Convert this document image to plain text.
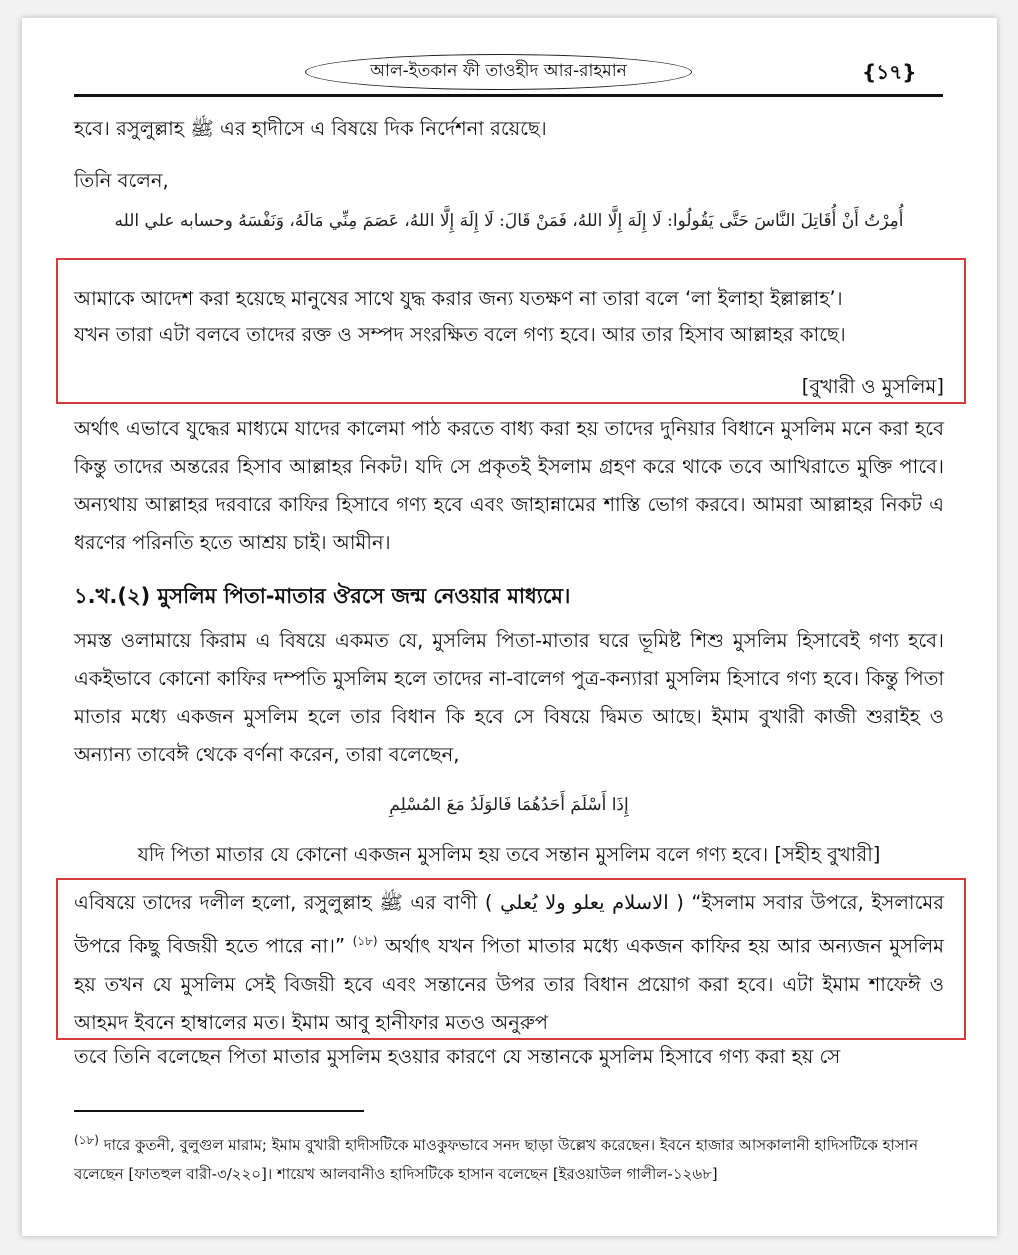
আল-ইতকান ফী তাওহীদ আর-রাহমান	{১৭}
হবে। রসুলুল্লাহ ﷺ এর হাদীসে এ বিষয়ে দিক নির্দেশনা রয়েছে।
তিনি বলেন,
أُمِرْتُ أَنْ أُقَاتِلَ النَّاسَ حَتَّى يَقُولُوا: لَا إِلَهَ إِلَّا اللهُ، فَمَنْ قَالَ: لَا إِلَهَ إِلَّا اللهُ، عَصَمَ مِنِّي مَالَهُ، وَنَفْسَهُ وحسابه علي الله
আমাকে আদেশ করা হয়েছে মানুষের সাথে যুদ্ধ করার জন্য যতক্ষণ না তারা বলে ‘লা ইলাহা ইল্লাল্লাহ’।
যখন তারা এটা বলবে তাদের রক্ত ও সম্পদ সংরক্ষিত বলে গণ্য হবে। আর তার হিসাব আল্লাহর কাছে।
[বুখারী ও মুসলিম]
অর্থাৎ এভাবে যুদ্ধের মাধ্যমে যাদের কালেমা পাঠ করতে বাধ্য করা হয় তাদের দুনিয়ার বিধানে মুসলিম মনে করা হবে কিন্তু তাদের অন্তরের হিসাব আল্লাহর নিকট। যদি সে প্রকৃতই ইসলাম গ্রহণ করে থাকে তবে আখিরাতে মুক্তি পাবে। অন্যথায় আল্লাহর দরবারে কাফির হিসাবে গণ্য হবে এবং জাহান্নামের শাস্তি ভোগ করবে। আমরা আল্লাহর নিকট এ ধরণের পরিনতি হতে আশ্রয় চাই। আমীন।
১.খ.(২) মুসলিম পিতা-মাতার ঔরসে জন্ম নেওয়ার মাধ্যমে।
সমস্ত ওলামায়ে কিরাম এ বিষয়ে একমত যে, মুসলিম পিতা-মাতার ঘরে ভূমিষ্ট শিশু মুসলিম হিসাবেই গণ্য হবে। একইভাবে কোনো কাফির দম্পতি মুসলিম হলে তাদের না-বালেগ পুত্র-কন্যারা মুসলিম হিসাবে গণ্য হবে। কিন্তু পিতা মাতার মধ্যে একজন মুসলিম হলে তার বিধান কি হবে সে বিষয়ে দ্বিমত আছে। ইমাম বুখারী কাজী শুরাইহ ও অন্যান্য তাবেঈ থেকে বর্ণনা করেন, তারা বলেছেন,
إِذَا أَسْلَمَ أَحَدُهُمَا فَالوَلَدُ مَعَ المُسْلِمِ
যদি পিতা মাতার যে কোনো একজন মুসলিম হয় তবে সন্তান মুসলিম বলে গণ্য হবে। [সহীহ বুখারী]
এবিষয়ে তাদের দলীল হলো, রসুলুল্লাহ ﷺ এর বাণী ( الاسلام يعلو ولا يُعلي ) “ইসলাম সবার উপরে, ইসলামের উপরে কিছু বিজয়ী হতে পারে না।” $^{(১৮)}$ অর্থাৎ যখন পিতা মাতার মধ্যে একজন কাফির হয় আর অন্যজন মুসলিম হয় তখন যে মুসলিম সেই বিজয়ী হবে এবং সন্তানের উপর তার বিধান প্রয়োগ করা হবে। এটা ইমাম শাফেঈ ও আহমদ ইবনে হাম্বালের মত। ইমাম আবু হানীফার মতও অনুরুপ
তবে তিনি বলেছেন পিতা মাতার মুসলিম হওয়ার কারণে যে সন্তানকে মুসলিম হিসাবে গণ্য করা হয় সে
$^{(১৮)}$ দারে কুতনী, বুলুগুল মারাম; ইমাম বুখারী হাদীসটিকে মাওকুফভাবে সনদ ছাড়া উল্লেখ করেছেন। ইবনে হাজার আসকালানী হাদিসটিকে হাসান বলেছেন [ফাতহুল বারী-৩/২২০]। শায়েখ আলবানীও হাদিসটিকে হাসান বলেছেন [ইরওয়াউল গালীল-১২৬৮]
